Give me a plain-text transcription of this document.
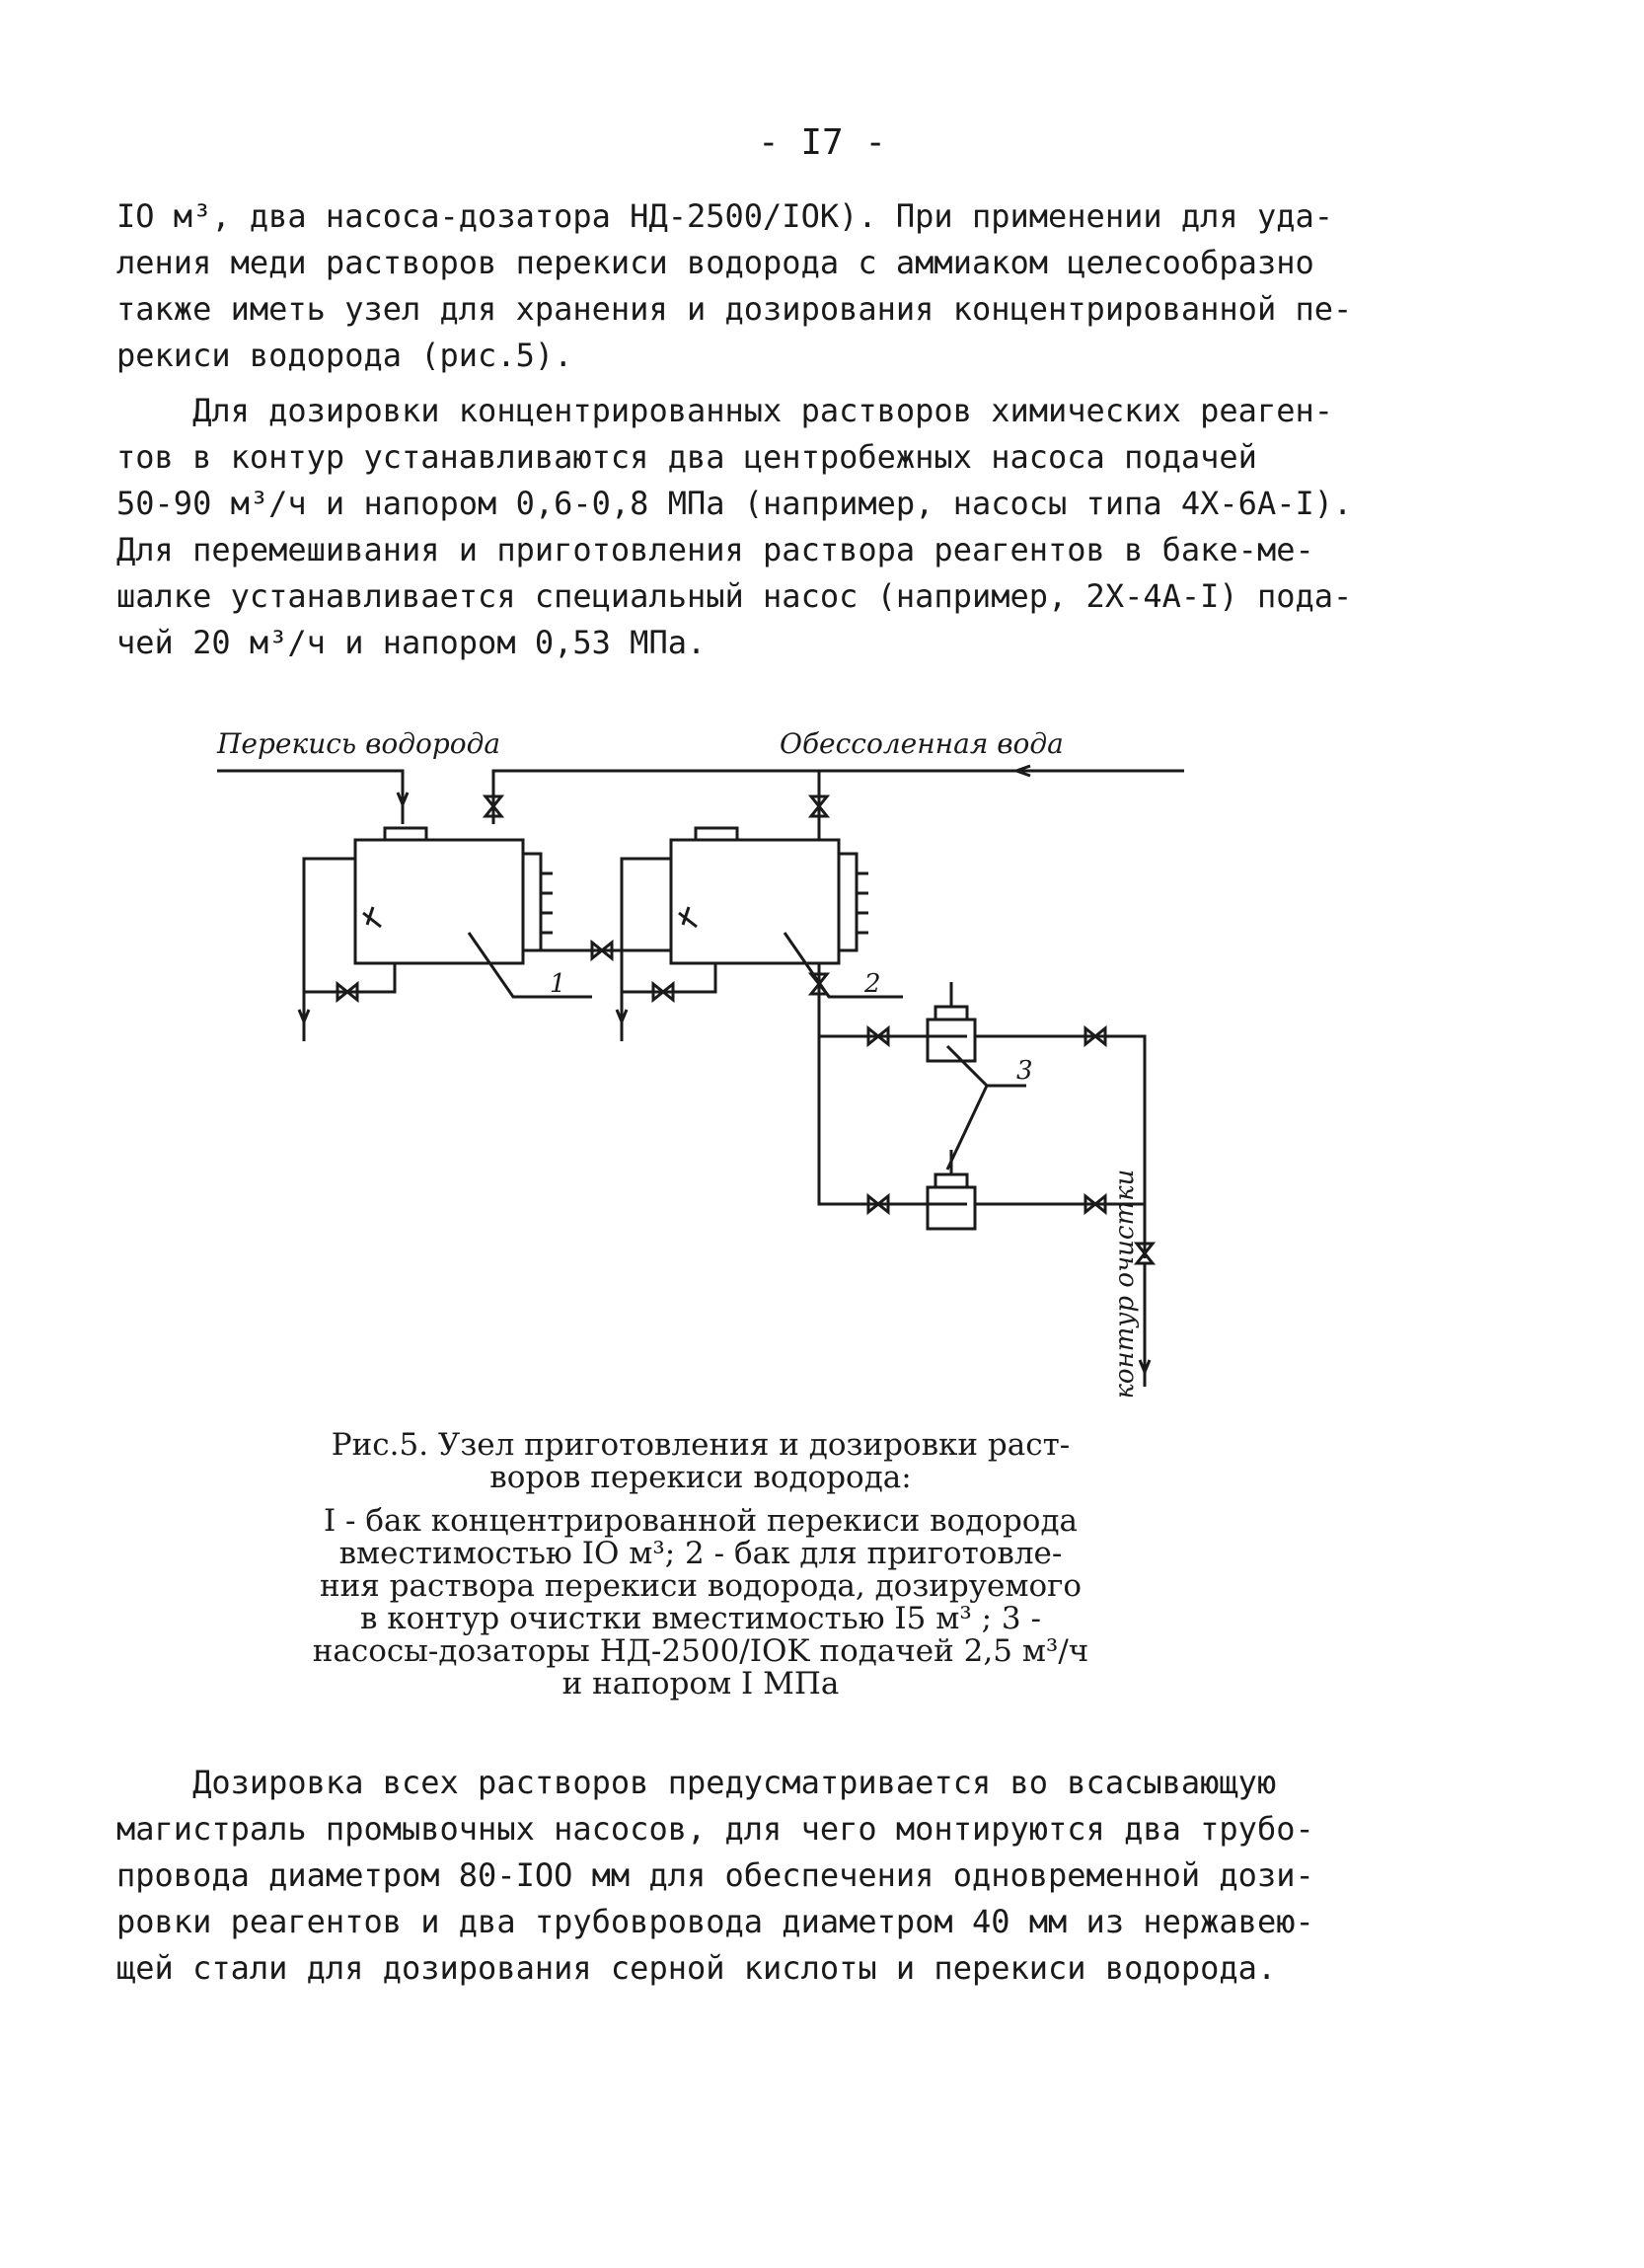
- I7 -

IO м³, два насоса-дозатора НД-2500/IOK). При применении для уда-
ления меди растворов перекиси водорода с аммиаком целесообразно
также иметь узел для хранения и дозирования концентрированной пе-
рекиси водорода (рис.5).

Для дозировки концентрированных растворов химических реаген-
тов в контур устанавливаются два центробежных насоса подачей
50-90 м³/ч и напором 0,6-0,8 МПа (например, насосы типа 4Х-6А-I).
Для перемешивания и приготовления раствора реагентов в баке-ме-
шалке устанавливается специальный насос (например, 2Х-4А-I) пода-
чей 20 м³/ч и напором 0,53 МПа.

Перекись водорода	Обессоленная вода
1	2
3
В контур очистки

Рис.5. Узел приготовления и дозировки раст-
воров перекиси водорода:

I - бак концентрированной перекиси водорода
вместимостью IO м³; 2 - бак для приготовле-
ния раствора перекиси водорода, дозируемого
в контур очистки вместимостью I5 м³ ; 3 -
насосы-дозаторы НД-2500/IOK подачей 2,5 м³/ч
и напором I МПа

Дозировка всех растворов предусматривается во всасывающую
магистраль промывочных насосов, для чего монтируются два трубо-
провода диаметром 80-IOO мм для обеспечения одновременной дози-
ровки реагентов и два трубовровода диаметром 40 мм из нержавею-
щей стали для дозирования серной кислоты и перекиси водорода.
